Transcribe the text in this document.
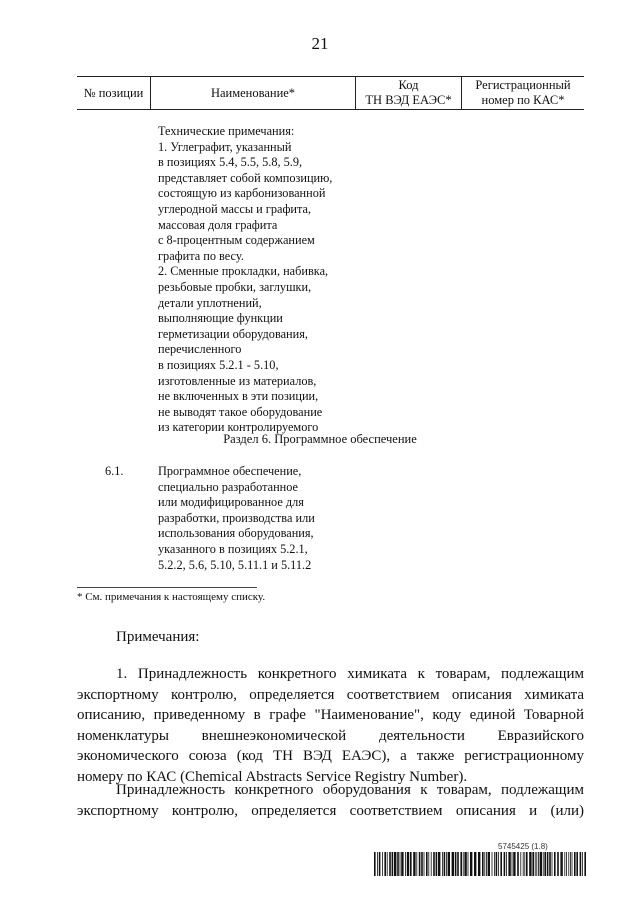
21
№ позиции	Наименование*
Код
ТН ВЭД ЕАЭС*
Регистрационный
номер по КАС*
Технические примечания:
1. Углеграфит, указанный
в позициях 5.4, 5.5, 5.8, 5.9,
представляет собой композицию,
состоящую из карбонизованной
углеродной массы и графита,
массовая доля графита
с 8-процентным содержанием
графита по весу.
2. Сменные прокладки, набивка,
резьбовые пробки, заглушки,
детали уплотнений,
выполняющие функции
герметизации оборудования,
перечисленного
в позициях 5.2.1 - 5.10,
изготовленные из материалов,
не включенных в эти позиции,
не выводят такое оборудование
из категории контролируемого
Раздел 6. Программное обеспечение
6.1.	Программное обеспечение,
специально разработанное
или модифицированное для
разработки, производства или
использования оборудования,
указанного в позициях 5.2.1,
5.2.2, 5.6, 5.10, 5.11.1 и 5.11.2
* См. примечания к настоящему списку.
Примечания:
1. Принадлежность конкретного химиката к товарам, подлежащим
экспортному контролю, определяется соответствием описания химиката
описанию, приведенному в графе "Наименование", коду единой Товарной
номенклатуры внешнеэкономической деятельности Евразийского
экономического союза (код ТН ВЭД ЕАЭС), а также регистрационному
номеру по КАС (Chemical Abstracts Service Registry Number).
Принадлежность конкретного оборудования к товарам, подлежащим
экспортному контролю, определяется соответствием описания и (или)
5745425 (1.8)
